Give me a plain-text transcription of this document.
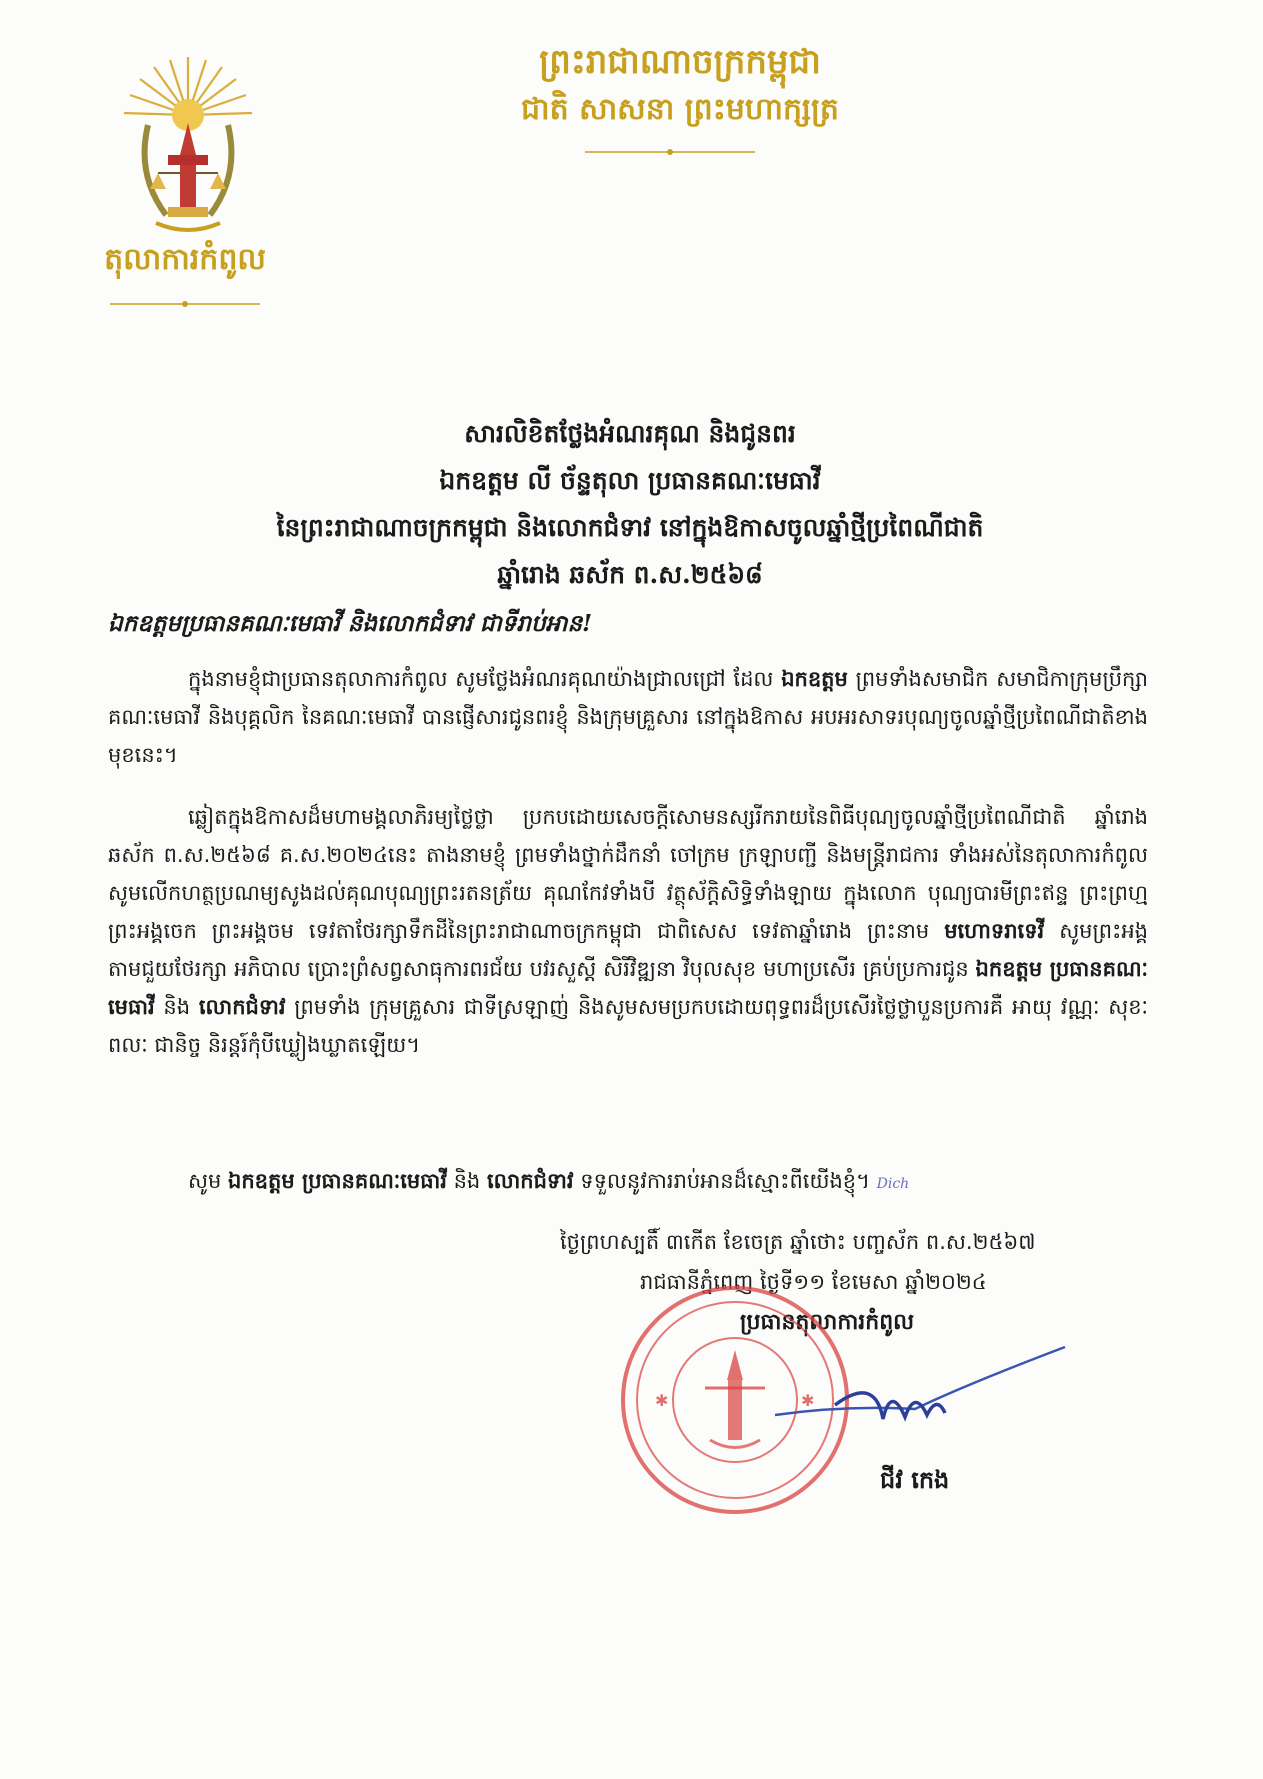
តុលាការកំពូល
ព្រះរាជាណាចក្រកម្ពុជា
ជាតិ សាសនា ព្រះមហាក្សត្រ
សារលិខិតថ្លែងអំណរគុណ និងជូនពរ
ឯកឧត្តម លី ច័ន្ទតុលា ប្រធានគណៈមេធាវី
នៃព្រះរាជាណាចក្រកម្ពុជា និងលោកជំទាវ នៅក្នុងឱកាសចូលឆ្នាំថ្មីប្រពៃណីជាតិ
ឆ្នាំរោង ឆស័ក ព.ស.២៥៦៨
ឯកឧត្តមប្រធានគណៈមេធាវី និងលោកជំទាវ ជាទីរាប់អាន!

ក្នុងនាមខ្ញុំជាប្រធានតុលាការកំពូល សូមថ្លែងអំណរគុណយ៉ាងជ្រាលជ្រៅ ដែល ឯកឧត្តម ព្រមទាំងសមាជិក សមាជិកាក្រុមប្រឹក្សាគណៈមេធាវី និងបុគ្គលិក នៃគណៈមេធាវី បានផ្ញើសារជូនពរខ្ញុំ និងក្រុមគ្រួសារ នៅក្នុងឱកាស អបអរសាទរបុណ្យចូលឆ្នាំថ្មីប្រពៃណីជាតិខាងមុខនេះ។

ឆ្លៀតក្នុងឱកាសដ៏មហាមង្គលាភិរម្យថ្លៃថ្លា ប្រកបដោយសេចក្តីសោមនស្សរីករាយនៃពិធីបុណ្យចូលឆ្នាំថ្មីប្រពៃណីជាតិ ឆ្នាំរោង ឆស័ក ព.ស.២៥៦៨ គ.ស.២០២៤នេះ តាងនាមខ្ញុំ ព្រមទាំងថ្នាក់ដឹកនាំ ចៅក្រម ក្រឡាបញ្ជី និងមន្ត្រីរាជការ ទាំងអស់នៃតុលាការកំពូល សូមលើកហត្ថប្រណម្យសូងដល់គុណបុណ្យព្រះរតនត្រ័យ គុណកែវទាំងបី វត្ថុស័ក្តិសិទ្ធិទាំងឡាយ ក្នុងលោក បុណ្យបារមីព្រះឥន្ទ ព្រះព្រហ្ម ព្រះអង្គចេក ព្រះអង្គចម ទេវតាថែរក្សាទឹកដីនៃព្រះរាជាណាចក្រកម្ពុជា ជាពិសេស ទេវតាឆ្នាំរោង ព្រះនាម មហោទរាទេវី សូមព្រះអង្គតាមជួយថែរក្សា អភិបាល ប្រោះព្រំសព្វសាធុការពរជ័យ បវរសួស្តី សិរីវិឌ្ឍនា វិបុលសុខ មហាប្រសើរ គ្រប់ប្រការជូន ឯកឧត្តម ប្រធានគណៈមេធាវី និង លោកជំទាវ ព្រមទាំង ក្រុមគ្រួសារ ជាទីស្រឡាញ់ និងសូមសមប្រកបដោយពុទ្ធពរដ៏ប្រសើរថ្លៃថ្លាបួនប្រការគឺ អាយុ វណ្ណៈ សុខៈ ពលៈ ជានិច្ច និរន្តរ៍កុំបីឃ្លៀងឃ្លាតឡើយ។

សូម ឯកឧត្តម ប្រធានគណៈមេធាវី និង លោកជំទាវ ទទួលនូវការរាប់អានដ៏ស្មោះពីយើងខ្ញុំ។ Dich
ថ្ងៃព្រហស្បតិ៍ ៣កើត ខែចេត្រ ឆ្នាំថោះ បញ្ចស័ក ព.ស.២៥៦៧
រាជធានីភ្នំពេញ ថ្ងៃទី១១ ខែមេសា ឆ្នាំ២០២៤
ប្រធានតុលាការកំពូល
✱	✱
ជីវ កេង
